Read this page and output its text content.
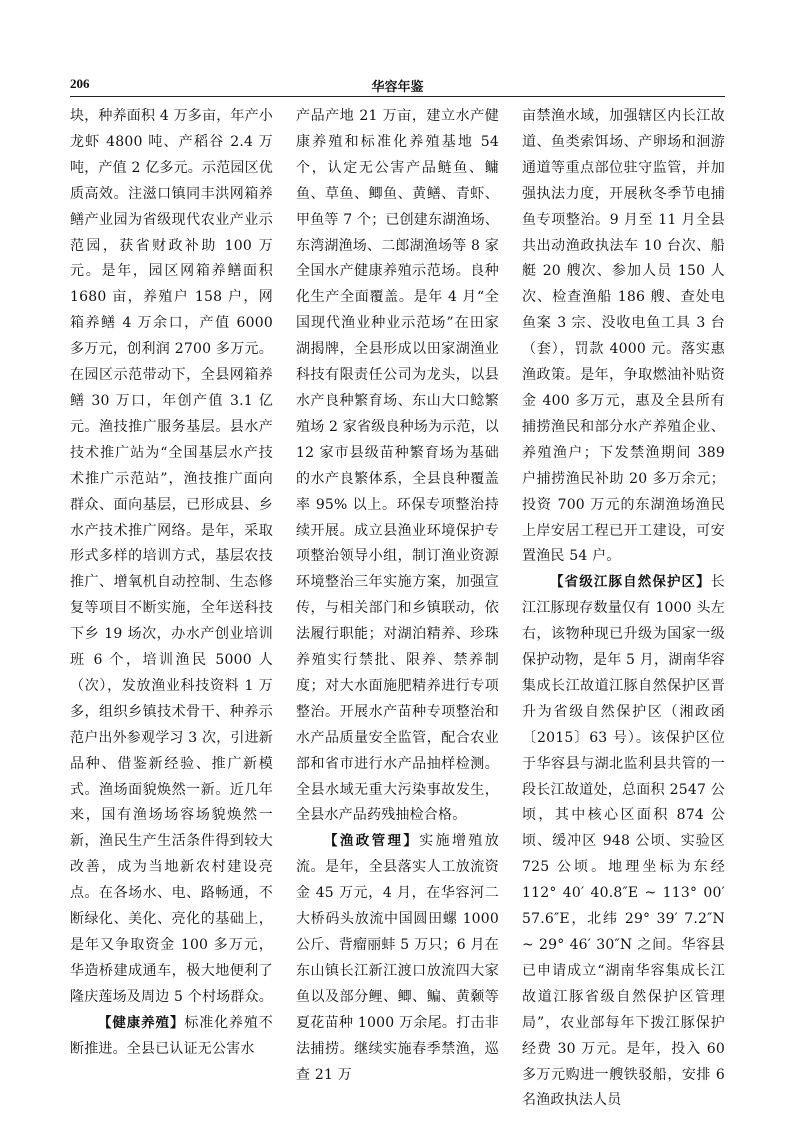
206	华容年鉴

块，种养面积 4 万多亩，年产小龙虾 4800 吨、产稻谷 2.4 万吨，产值 2 亿多元。示范园区优质高效。注滋口镇同丰洪网箱养鳝产业园为省级现代农业产业示范园，获省财政补助 100 万元。是年，园区网箱养鳝面积 1680 亩，养殖户 158 户，网箱养鳝 4 万余口，产值 6000 多万元，创利润 2700 多万元。在园区示范带动下，全县网箱养鳝 30 万口，年创产值 3.1 亿元。渔技推广服务基层。县水产技术推广站为“全国基层水产技术推广示范站”，渔技推广面向群众、面向基层，已形成县、乡水产技术推广网络。是年，采取形式多样的培训方式，基层农技推广、增氧机自动控制、生态修复等项目不断实施，全年送科技下乡 19 场次，办水产创业培训班 6 个，培训渔民 5000 人（次），发放渔业科技资料 1 万多，组织乡镇技术骨干、种养示范户出外参观学习 3 次，引进新品种、借鉴新经验、推广新模式。渔场面貌焕然一新。近几年来，国有渔场场容场貌焕然一新，渔民生产生活条件得到较大改善，成为当地新农村建设亮点。在各场水、电、路畅通，不断绿化、美化、亮化的基础上，是年又争取资金 100 多万元，华造桥建成通车，极大地便利了隆庆莲场及周边 5 个村场群众。

【健康养殖】标准化养殖不断推进。全县已认证无公害水

产品产地 21 万亩，建立水产健康养殖和标准化养殖基地 54 个，认定无公害产品鲢鱼、鳙鱼、草鱼、鲫鱼、黄鳝、青虾、甲鱼等 7 个；已创建东湖渔场、东湾湖渔场、二郎湖渔场等 8 家全国水产健康养殖示范场。良种化生产全面覆盖。是年 4 月“全国现代渔业种业示范场”在田家湖揭牌，全县形成以田家湖渔业科技有限责任公司为龙头，以县水产良种繁育场、东山大口鲶繁殖场 2 家省级良种场为示范，以 12 家市县级苗种繁育场为基础的水产良繁体系，全县良种覆盖率 95% 以上。环保专项整治持续开展。成立县渔业环境保护专项整治领导小组，制订渔业资源环境整治三年实施方案，加强宣传，与相关部门和乡镇联动，依法履行职能；对湖泊精养、珍珠养殖实行禁批、限养、禁养制度；对大水面施肥精养进行专项整治。开展水产苗种专项整治和水产品质量安全监管，配合农业部和省市进行水产品抽样检测。全县水域无重大污染事故发生，全县水产品药残抽检合格。

【渔政管理】实施增殖放流。是年，全县落实人工放流资金 45 万元，4 月，在华容河二大桥码头放流中国圆田螺 1000 公斤、背瘤丽蚌 5 万只；6 月在东山镇长江新江渡口放流四大家鱼以及部分鲤、鲫、鳊、黄颡等夏花苗种 1000 万余尾。打击非法捕捞。继续实施春季禁渔，巡查 21 万

亩禁渔水域，加强辖区内长江故道、鱼类索饵场、产卵场和洄游通道等重点部位驻守监管，并加强执法力度，开展秋冬季节电捕鱼专项整治。9 月至 11 月全县共出动渔政执法车 10 台次、船艇 20 艘次、参加人员 150 人次、检查渔船 186 艘、查处电鱼案 3 宗、没收电鱼工具 3 台（套），罚款 4000 元。落实惠渔政策。是年，争取燃油补贴资金 400 多万元，惠及全县所有捕捞渔民和部分水产养殖企业、养殖渔户；下发禁渔期间 389 户捕捞渔民补助 20 多万余元；投资 700 万元的东湖渔场渔民上岸安居工程已开工建设，可安置渔民 54 户。

【省级江豚自然保护区】长江江豚现存数量仅有 1000 头左右，该物种现已升级为国家一级保护动物，是年 5 月，湖南华容集成长江故道江豚自然保护区晋升为省级自然保护区（湘政函〔2015〕63 号）。该保护区位于华容县与湖北监利县共管的一段长江故道处，总面积 2547 公顷，其中核心区面积 874 公顷、缓冲区 948 公顷、实验区 725 公顷。地理坐标为东经 112° 40′ 40.8″E ~ 113° 00′ 57.6″E，北纬 29° 39′ 7.2″N ~ 29° 46′ 30″N 之间。华容县已申请成立“湖南华容集成长江故道江豚省级自然保护区管理局”，农业部每年下拨江豚保护经费 30 万元。是年，投入 60 多万元购进一艘铁驳船，安排 6 名渔政执法人员
